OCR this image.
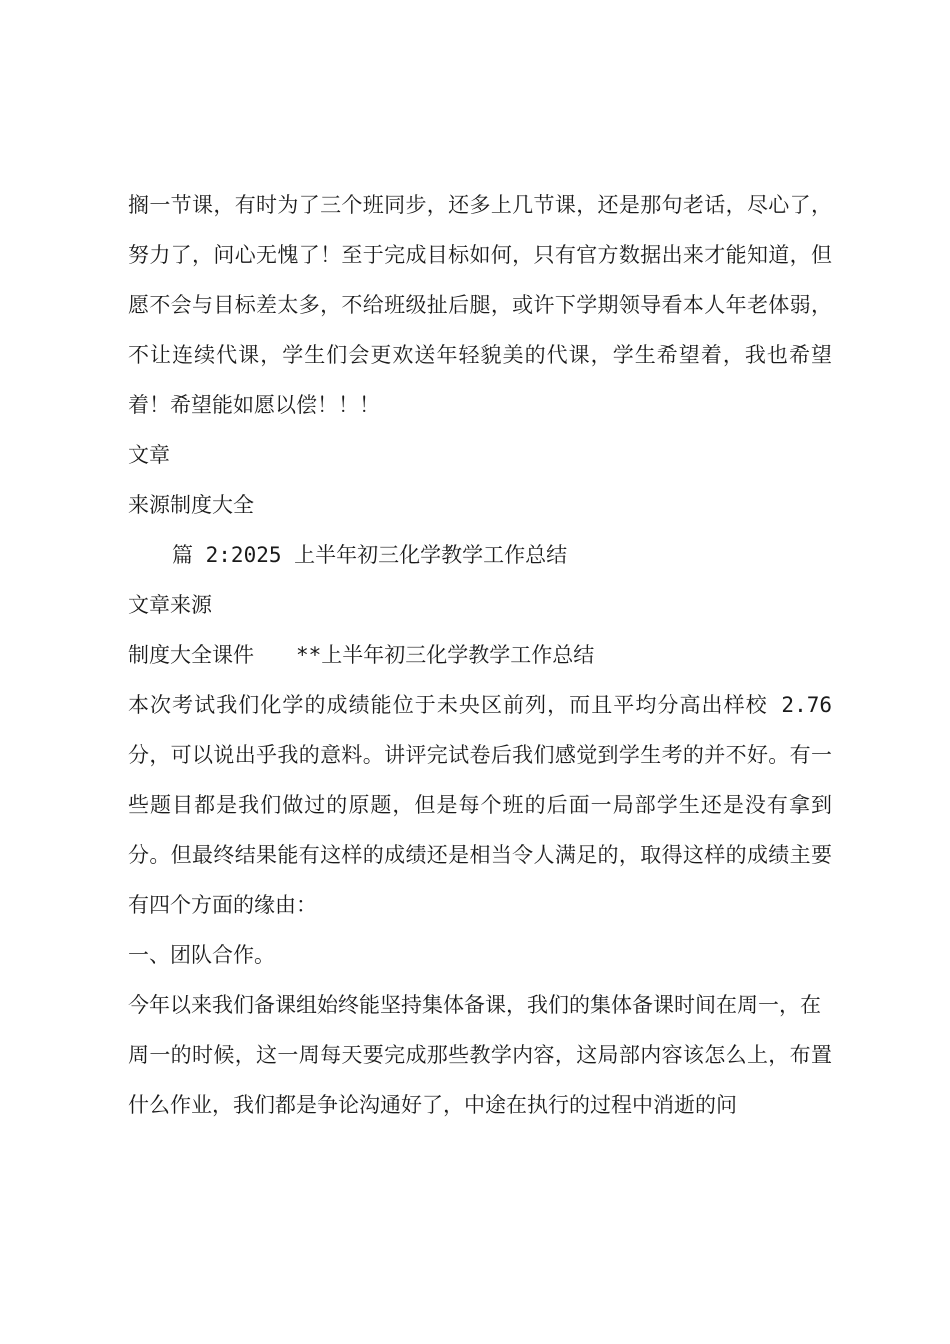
搁一节课，有时为了三个班同步，还多上几节课，还是那句老话，尽心了，努力了，问心无愧了！至于完成目标如何，只有官方数据出来才能知道，但愿不会与目标差太多，不给班级扯后腿，或许下学期领导看本人年老体弱，不让连续代课，学生们会更欢送年轻貌美的代课，学生希望着，我也希望着！希望能如愿以偿！！！

文章

来源制度大全

篇 2:2025 上半年初三化学教学工作总结

文章来源

制度大全课件 **上半年初三化学教学工作总结

本次考试我们化学的成绩能位于未央区前列，而且平均分高出样校 2.76 分，可以说出乎我的意料。讲评完试卷后我们感觉到学生考的并不好。有一些题目都是我们做过的原题，但是每个班的后面一局部学生还是没有拿到分。但最终结果能有这样的成绩还是相当令人满足的，取得这样的成绩主要有四个方面的缘由：

一、团队合作。

今年以来我们备课组始终能坚持集体备课，我们的集体备课时间在周一，在

周一的时候，这一周每天要完成那些教学内容，这局部内容该怎么上，布置什么作业，我们都是争论沟通好了，中途在执行的过程中消逝的问
